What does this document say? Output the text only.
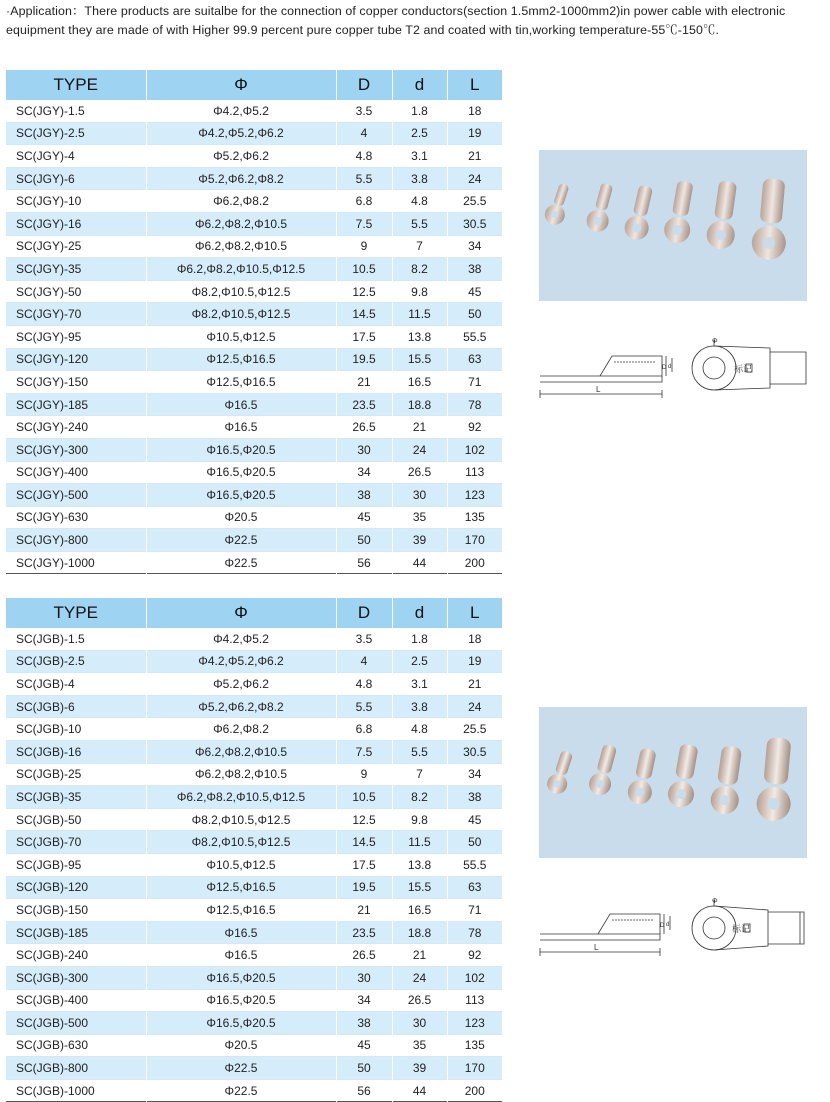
·Application：There products are suitalbe for the connection of copper conductors(section 1.5mm2-1000mm2)in power cable with electronic equipment they are made of with Higher 99.9 percent pure copper tube T2 and coated with tin,working temperature-55℃-150℃.
TYPE	Φ	D	d	L
SC(JGY)-1.5	Φ4.2,Φ5.2	3.5	1.8	18
SC(JGY)-2.5	Φ4.2,Φ5.2,Φ6.2	4	2.5	19
SC(JGY)-4	Φ5.2,Φ6.2	4.8	3.1	21
SC(JGY)-6	Φ5.2,Φ6.2,Φ8.2	5.5	3.8	24
SC(JGY)-10	Φ6.2,Φ8.2	6.8	4.8	25.5
SC(JGY)-16	Φ6.2,Φ8.2,Φ10.5	7.5	5.5	30.5
SC(JGY)-25	Φ6.2,Φ8.2,Φ10.5	9	7	34
SC(JGY)-35	Φ6.2,Φ8.2,Φ10.5,Φ12.5	10.5	8.2	38
SC(JGY)-50	Φ8.2,Φ10.5,Φ12.5	12.5	9.8	45
SC(JGY)-70	Φ8.2,Φ10.5,Φ12.5	14.5	11.5	50
SC(JGY)-95	Φ10.5,Φ12.5	17.5	13.8	55.5
SC(JGY)-120	Φ12.5,Φ16.5	19.5	15.5	63
SC(JGY)-150	Φ12.5,Φ16.5	21	16.5	71
SC(JGY)-185	Φ16.5	23.5	18.8	78
SC(JGY)-240	Φ16.5	26.5	21	92
SC(JGY)-300	Φ16.5,Φ20.5	30	24	102
SC(JGY)-400	Φ16.5,Φ20.5	34	26.5	113
SC(JGY)-500	Φ16.5,Φ20.5	38	30	123
SC(JGY)-630	Φ20.5	45	35	135
SC(JGY)-800	Φ22.5	50	39	170
SC(JGY)-1000	Φ22.5	56	44	200
TYPE	Φ	D	d	L
SC(JGB)-1.5	Φ4.2,Φ5.2	3.5	1.8	18
SC(JGB)-2.5	Φ4.2,Φ5.2,Φ6.2	4	2.5	19
SC(JGB)-4	Φ5.2,Φ6.2	4.8	3.1	21
SC(JGB)-6	Φ5.2,Φ6.2,Φ8.2	5.5	3.8	24
SC(JGB)-10	Φ6.2,Φ8.2	6.8	4.8	25.5
SC(JGB)-16	Φ6.2,Φ8.2,Φ10.5	7.5	5.5	30.5
SC(JGB)-25	Φ6.2,Φ8.2,Φ10.5	9	7	34
SC(JGB)-35	Φ6.2,Φ8.2,Φ10.5,Φ12.5	10.5	8.2	38
SC(JGB)-50	Φ8.2,Φ10.5,Φ12.5	12.5	9.8	45
SC(JGB)-70	Φ8.2,Φ10.5,Φ12.5	14.5	11.5	50
SC(JGB)-95	Φ10.5,Φ12.5	17.5	13.8	55.5
SC(JGB)-120	Φ12.5,Φ16.5	19.5	15.5	63
SC(JGB)-150	Φ12.5,Φ16.5	21	16.5	71
SC(JGB)-185	Φ16.5	23.5	18.8	78
SC(JGB)-240	Φ16.5	26.5	21	92
SC(JGB)-300	Φ16.5,Φ20.5	30	24	102
SC(JGB)-400	Φ16.5,Φ20.5	34	26.5	113
SC(JGB)-500	Φ16.5,Φ20.5	38	30	123
SC(JGB)-630	Φ20.5	45	35	135
SC(JGB)-800	Φ22.5	50	39	170
SC(JGB)-1000	Φ22.5	56	44	200
Φ
L
D d	标记
Φ
L
D d	标记
